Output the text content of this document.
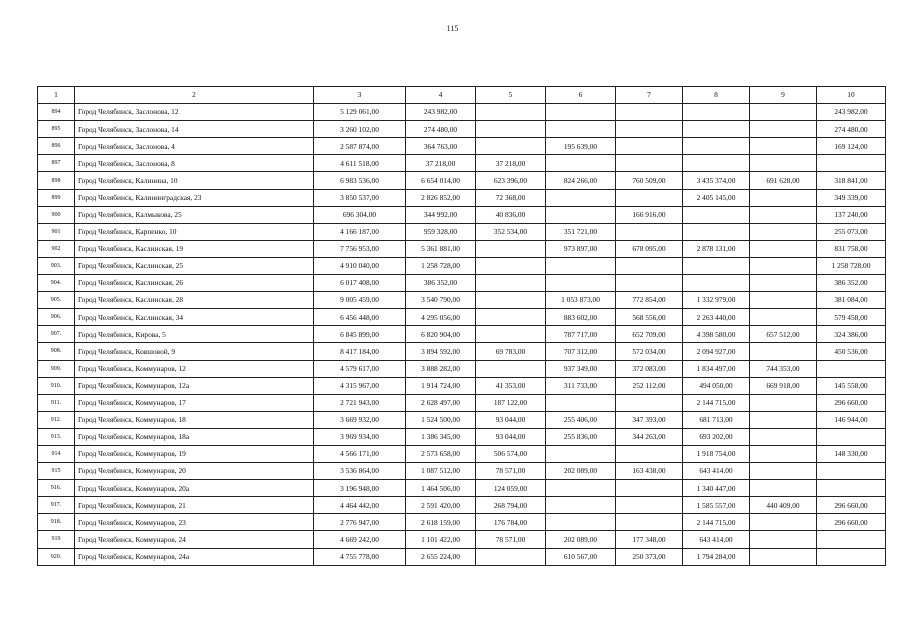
115
1	2	3	4	5	6	7	8	9	10
894	Город Челябинск, Заслонова, 12	5 129 061,00	243 982,00						243 982,00
895	Город Челябинск, Заслонова, 14	3 260 102,00	274 480,00						274 480,00
896	Город Челябинск, Заслонова, 4	2 587 874,00	364 763,00		195 639,00				169 124,00
897	Город Челябинск, Заслонова, 8	4 611 518,00	37 218,00	37 218,00					
898	Город Челябинск, Калинина, 10	6 983 536,00	6 654 014,00	623 396,00	824 266,00	760 509,00	3 435 374,00	691 628,00	318 841,00
899	Город Челябинск, Калининградская, 23	3 850 537,00	2 826 852,00	72 368,00			2 405 145,00		349 339,00
900	Город Челябинск, Калмыкова, 25	696 304,00	344 992,00	40 836,00		166 916,00			137 240,00
901	Город Челябинск, Карпенко, 10	4 166 187,00	959 328,00	352 534,00	351 721,00				255 073,00
902	Город Челябинск, Каслинская, 19	7 756 953,00	5 361 881,00		973 897,00	678 095,00	2 878 131,00		831 758,00
903.	Город Челябинск, Каслинская, 25	4 910 040,00	1 258 728,00						1 258 728,00
904.	Город Челябинск, Каслинская, 26	6 017 408,00	386 352,00						386 352,00
905.	Город Челябинск, Каслинская, 28	9 005 459,00	3 540 790,00		1 053 873,00	772 854,00	1 332 979,00		381 084,00
906.	Город Челябинск, Каслинская, 34	6 456 448,00	4 295 056,00		883 602,00	568 556,00	2 263 440,00		579 458,00
907.	Город Челябинск, Кирова, 5	6 845 899,00	6 820 904,00		787 717,00	652 709,00	4 398 580,00	657 512,00	324 386,00
908.	Город Челябинск, Ковшовой, 9	8 417 184,00	3 894 592,00	69 783,00	707 312,00	572 034,00	2 094 927,00		450 536,00
909.	Город Челябинск, Коммунаров, 12	4 579 617,00	3 888 282,00		937 349,00	372 083,00	1 834 497,00	744 353,00	
910.	Город Челябинск, Коммунаров, 12а	4 315 967,00	1 914 724,00	41 353,00	311 733,00	252 112,00	494 050,00	669 918,00	145 558,00
911.	Город Челябинск, Коммунаров, 17	2 721 943,00	2 628 497,00	187 122,00			2 144 715,00		296 660,00
912.	Город Челябинск, Коммунаров, 18	3 669 932,00	1 524 500,00	93 044,00	255 406,00	347 393,00	681 713,00		146 944,00
913.	Город Челябинск, Коммунаров, 18а	3 969 934,00	1 386 345,00	93 044,00	255 836,00	344 263,00	693 202,00		
914	Город Челябинск, Коммунаров, 19	4 566 171,00	2 573 658,00	506 574,00			1 918 754,00		148 330,00
915	Город Челябинск, Коммунаров, 20	3 536 864,00	1 087 512,00	78 571,00	202 089,00	163 438,00	643 414,00		
916.	Город Челябинск, Коммунаров, 20а	3 196 948,00	1 464 506,00	124 059,00			1 340 447,00		
917.	Город Челябинск, Коммунаров, 21	4 464 442,00	2 591 420,00	268 794,00			1 585 557,00	440 409,00	296 660,00
918.	Город Челябинск, Коммунаров, 23	2 776 947,00	2 618 159,00	176 784,00			2 144 715,00		296 660,00
919	Город Челябинск, Коммунаров, 24	4 669 242,00	1 101 422,00	78 571,00	202 089,00	177 348,00	643 414,00		
920.	Город Челябинск, Коммунаров, 24а	4 755 778,00	2 655 224,00		610 567,00	250 373,00	1 794 284,00		
